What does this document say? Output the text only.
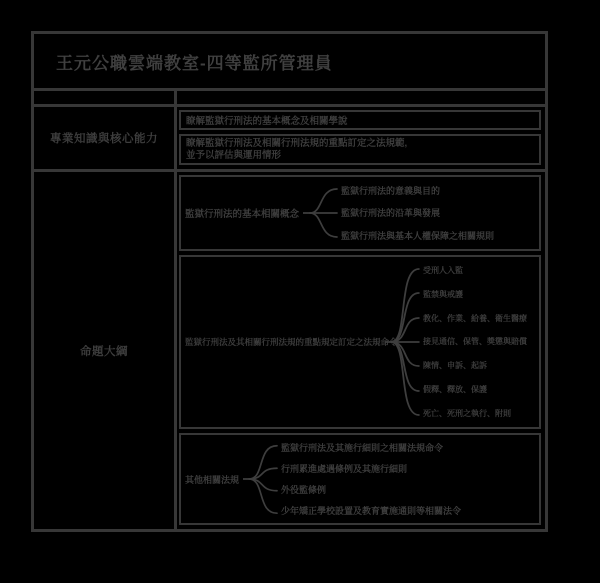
王元公職雲端教室-四等監所管理員
專業知識與核心能力
瞭解監獄行刑法的基本概念及相關學說
瞭解監獄行刑法及相關行刑法規的重點訂定之法規範,
並予以評估與運用情形
命題大綱
監獄行刑法的基本相關概念
監獄行刑法的意義與目的
監獄行刑法的沿革與發展
監獄行刑法與基本人權保障之相關規則
監獄行刑法及其相關行刑法規的重點規定訂定之法規命令
受刑人入監
監禁與戒護
教化、作業、給養、衛生醫療
接見通信、保管、獎懲與賠償
陳情、申訴、起訴
假釋、釋放、保護
死亡、死刑之執行、附則
其他相關法規
監獄行刑法及其施行細則之相關法規命令
行刑累進處遇條例及其施行細則
外役監條例
少年矯正學校設置及教育實施通則等相關法令
